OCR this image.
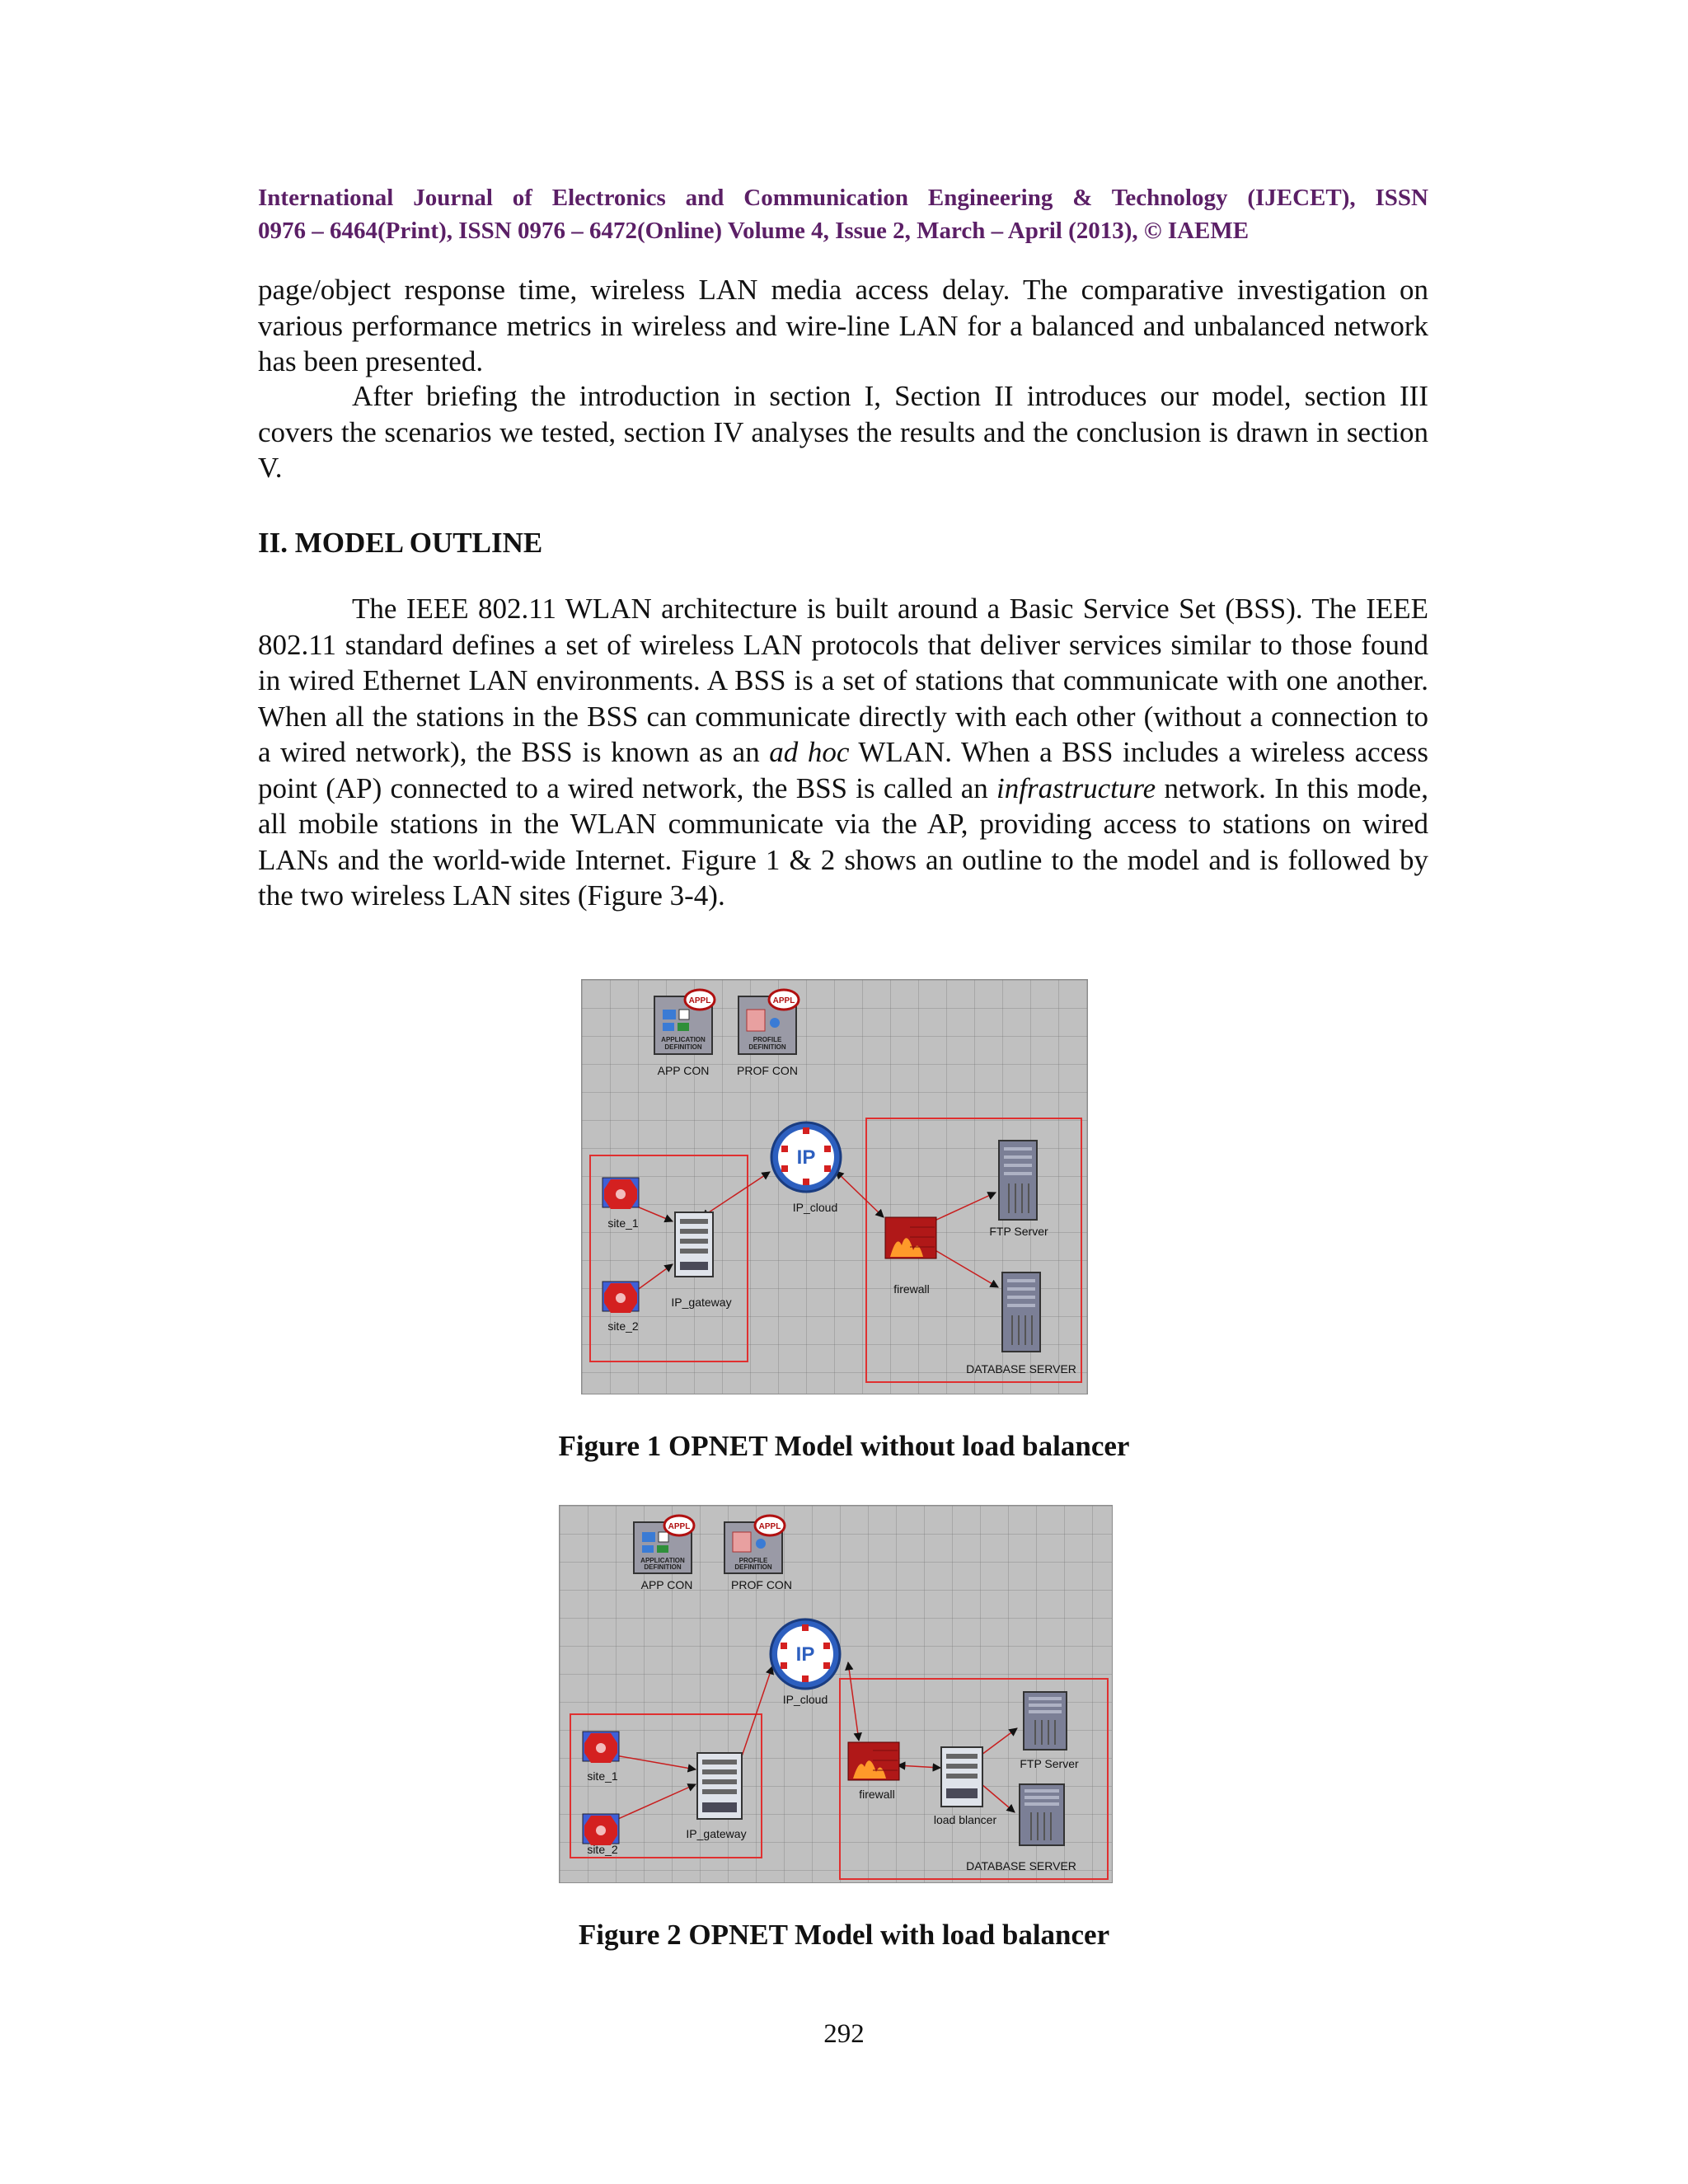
International Journal of Electronics and Communication Engineering & Technology (IJECET), ISSN
0976 – 6464(Print), ISSN 0976 – 6472(Online) Volume 4, Issue 2, March – April (2013), © IAEME
page/object response time, wireless LAN media access delay. The comparative investigation on various performance metrics in wireless and wire-line LAN for a balanced and unbalanced network has been presented.
After briefing the introduction in section I, Section II introduces our model, section III covers the scenarios we tested, section IV analyses the results and the conclusion is drawn in section V.
II. MODEL OUTLINE
The IEEE 802.11 WLAN architecture is built around a Basic Service Set (BSS). The IEEE 802.11 standard defines a set of wireless LAN protocols that deliver services similar to those found in wired Ethernet LAN environments. A BSS is a set of stations that communicate with one another. When all the stations in the BSS can communicate directly with each other (without a connection to a wired network), the BSS is known as an ad hoc WLAN. When a BSS includes a wireless access point (AP) connected to a wired network, the BSS is called an infrastructure network. In this mode, all mobile stations in the WLAN communicate via the AP, providing access to stations on wired LANs and the world-wide Internet. Figure 1 & 2 shows an outline to the model and is followed by the two wireless LAN sites (Figure 3-4).
APPLICATION
DEFINITION
APPL
PROFILE
DEFINITION
APPL
APP CON PROF CON
IP
IP_cloud
site_1
site_2
IP_gateway
firewall
FTP Server
DATABASE SERVER
Figure 1 OPNET Model without load balancer
APPLICATION
DEFINITION
APPL
PROFILE
DEFINITION
APPL
APP CON	PROF CON
IP
IP_cloud
site_1
site_2
IP_gateway
firewall
load blancer
FTP Server
DATABASE SERVER
Figure 2 OPNET Model with load balancer
292
